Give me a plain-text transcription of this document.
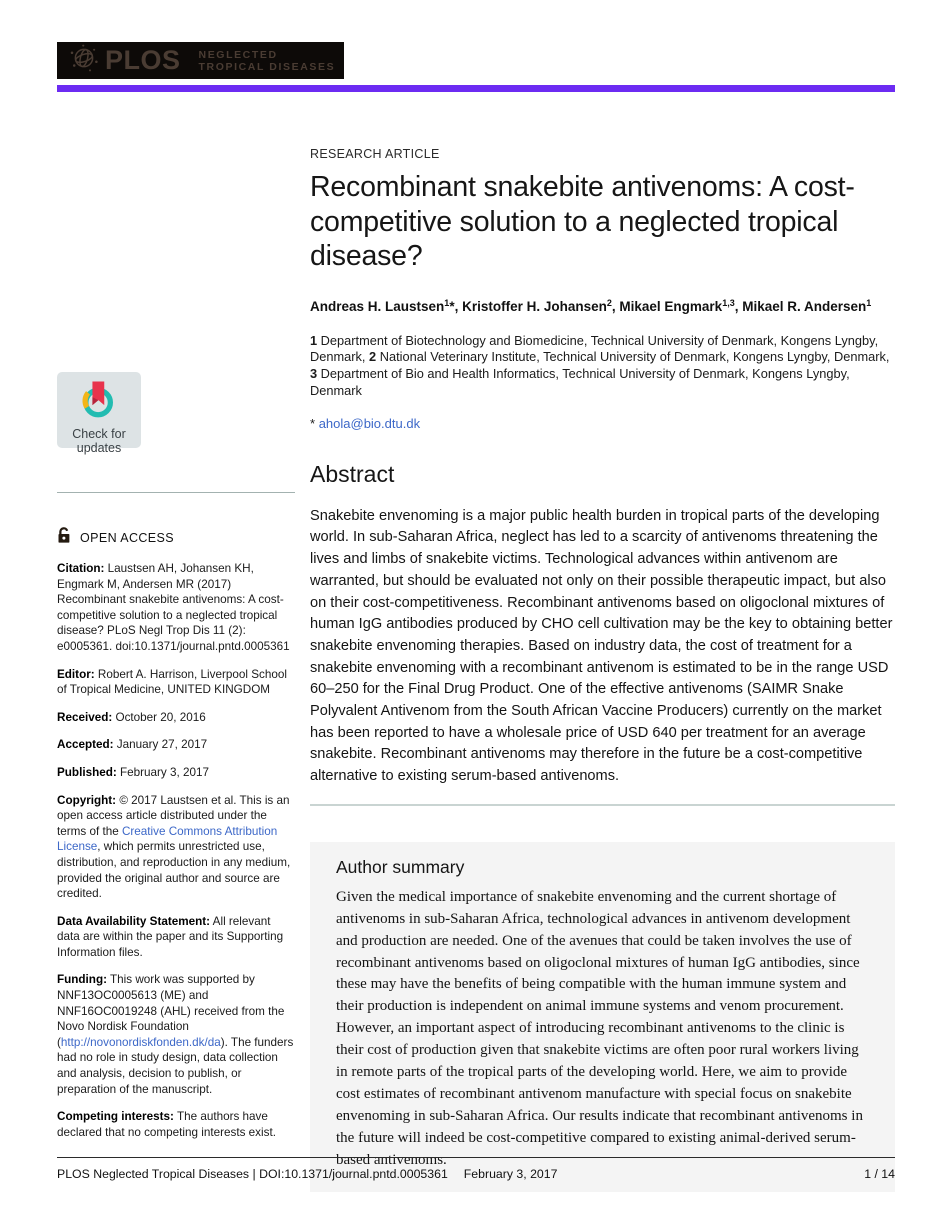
PLOS NEGLECTED
TROPICAL DISEASES
Check for updates
OPEN ACCESS

Citation: Laustsen AH, Johansen KH, Engmark M, Andersen MR (2017) Recombinant snakebite antivenoms: A cost-competitive solution to a neglected tropical disease? PLoS Negl Trop Dis 11 (2): e0005361. doi:10.1371/journal.pntd.0005361

Editor: Robert A. Harrison, Liverpool School of Tropical Medicine, UNITED KINGDOM

Received: October 20, 2016

Accepted: January 27, 2017

Published: February 3, 2017

Copyright: © 2017 Laustsen et al. This is an open access article distributed under the terms of the Creative Commons Attribution License, which permits unrestricted use, distribution, and reproduction in any medium, provided the original author and source are credited.

Data Availability Statement: All relevant data are within the paper and its Supporting Information files.

Funding: This work was supported by NNF13OC0005613 (ME) and NNF16OC0019248 (AHL) received from the Novo Nordisk Foundation (http://novonordiskfonden.dk/da). The funders had no role in study design, data collection and analysis, decision to publish, or preparation of the manuscript.

Competing interests: The authors have declared that no competing interests exist.

RESEARCH ARTICLE

Recombinant snakebite antivenoms: A cost-competitive solution to a neglected tropical disease?

Andreas H. Laustsen$^1$*, Kristoffer H. Johansen$^2$, Mikael Engmark$^{1,3}$, Mikael R. Andersen$^1$

1 Department of Biotechnology and Biomedicine, Technical University of Denmark, Kongens Lyngby, Denmark, 2 National Veterinary Institute, Technical University of Denmark, Kongens Lyngby, Denmark, 3 Department of Bio and Health Informatics, Technical University of Denmark, Kongens Lyngby, Denmark

* ahola@bio.dtu.dk

Abstract

Snakebite envenoming is a major public health burden in tropical parts of the developing world. In sub-Saharan Africa, neglect has led to a scarcity of antivenoms threatening the lives and limbs of snakebite victims. Technological advances within antivenom are warranted, but should be evaluated not only on their possible therapeutic impact, but also on their cost-competitiveness. Recombinant antivenoms based on oligoclonal mixtures of human IgG antibodies produced by CHO cell cultivation may be the key to obtaining better snakebite envenoming therapies. Based on industry data, the cost of treatment for a snakebite envenoming with a recombinant antivenom is estimated to be in the range USD 60–250 for the Final Drug Product. One of the effective antivenoms (SAIMR Snake Polyvalent Antivenom from the South African Vaccine Producers) currently on the market has been reported to have a wholesale price of USD 640 per treatment for an average snakebite. Recombinant antivenoms may therefore in the future be a cost-competitive alternative to existing serum-based antivenoms.

Author summary

Given the medical importance of snakebite envenoming and the current shortage of antivenoms in sub-Saharan Africa, technological advances in antivenom development and production are needed. One of the avenues that could be taken involves the use of recombinant antivenoms based on oligoclonal mixtures of human IgG antibodies, since these may have the benefits of being compatible with the human immune system and their production is independent on animal immune systems and venom procurement. However, an important aspect of introducing recombinant antivenoms to the clinic is their cost of production given that snakebite victims are often poor rural workers living in remote parts of the tropical parts of the developing world. Here, we aim to provide cost estimates of recombinant antivenom manufacture with special focus on snakebite envenoming in sub-Saharan Africa. Our results indicate that recombinant antivenoms in the future will indeed be cost-competitive compared to existing animal-derived serum-based antivenoms.

PLOS Neglected Tropical Diseases | DOI:10.1371/journal.pntd.0005361 February 3, 2017	1 / 14
